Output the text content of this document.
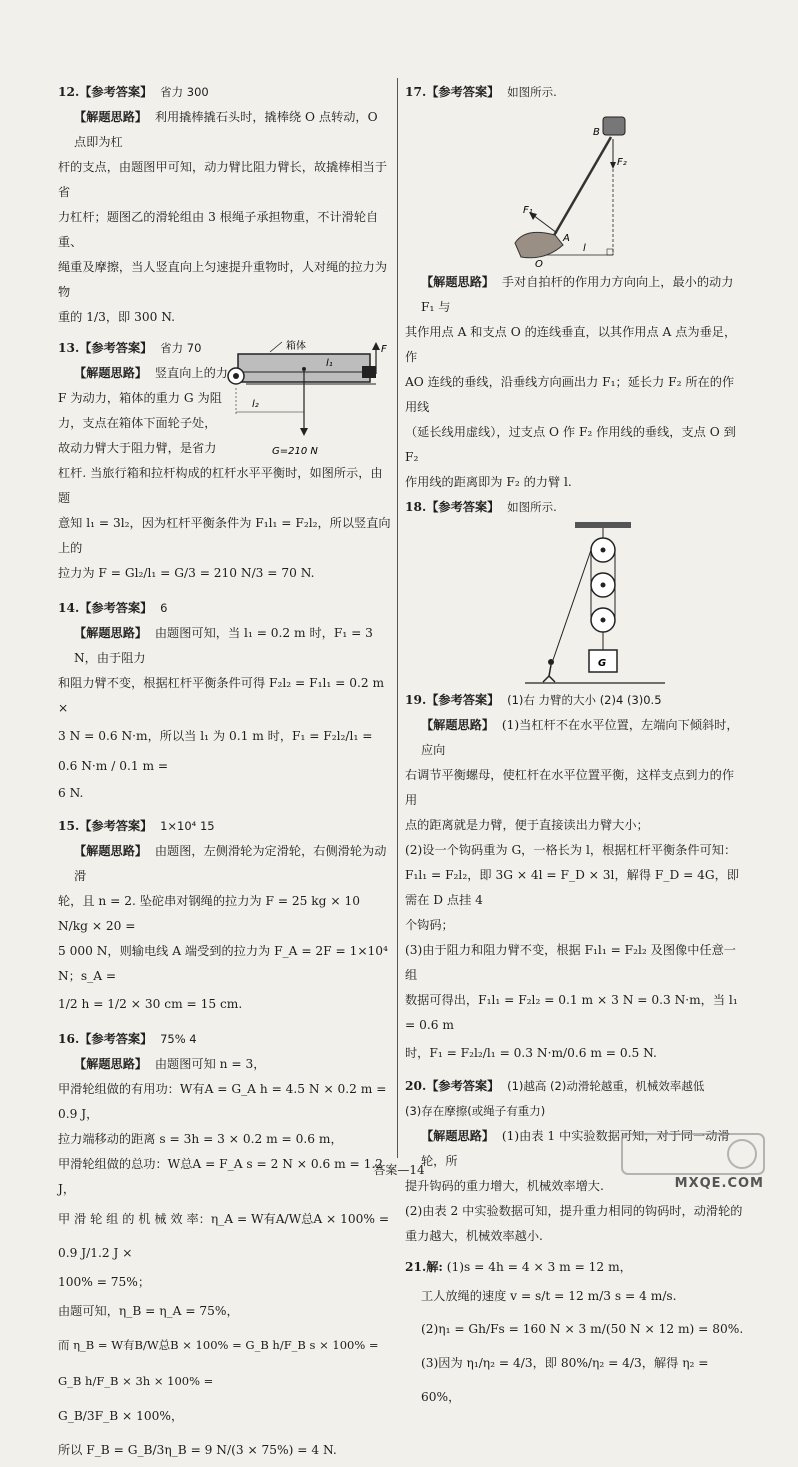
12.【参考答案】 省力 300

【解题思路】 利用撬棒撬石头时，撬棒绕 O 点转动，O 点即为杠

杆的支点，由题图甲可知，动力臂比阻力臂长，故撬棒相当于省

力杠杆；题图乙的滑轮组由 3 根绳子承担物重，不计滑轮自重、

绳重及摩擦，当人竖直向上匀速提升重物时，人对绳的拉力为物

重的 1/3，即 300 N.

13.【参考答案】 省力 70

【解题思路】 竖直向上的力

F 为动力，箱体的重力 G 为阻

力，支点在箱体下面轮子处，

故动力臂大于阻力臂，是省力

箱体	F
l₁
l₂
G=210 N

杠杆. 当旅行箱和拉杆构成的杠杆水平平衡时，如图所示，由题

意知 l₁ = 3l₂，因为杠杆平衡条件为 F₁l₁ = F₂l₂，所以竖直向上的

拉力为 F = Gl₂/l₁ = G/3 = 210 N/3 = 70 N.

14.【参考答案】 6

【解题思路】 由题图可知，当 l₁ = 0.2 m 时，F₁ = 3 N，由于阻力

和阻力臂不变，根据杠杆平衡条件可得 F₂l₂ = F₁l₁ = 0.2 m ×

3 N = 0.6 N·m，所以当 l₁ 为 0.1 m 时，F₁ = F₂l₂/l₁ = 0.6 N·m / 0.1 m =

6 N.

15.【参考答案】 1×10⁴ 15

【解题思路】 由题图，左侧滑轮为定滑轮，右侧滑轮为动滑

轮，且 n = 2. 坠砣串对钢绳的拉力为 F = 25 kg × 10 N/kg × 20 =

5 000 N，则输电线 A 端受到的拉力为 F_A = 2F = 1×10⁴ N；s_A =

1/2 h = 1/2 × 30 cm = 15 cm.

16.【参考答案】 75% 4

【解题思路】 由题图可知 n = 3，

甲滑轮组做的有用功：W有A = G_A h = 4.5 N × 0.2 m = 0.9 J，

拉力端移动的距离 s = 3h = 3 × 0.2 m = 0.6 m，

甲滑轮组做的总功：W总A = F_A s = 2 N × 0.6 m = 1.2 J，

甲 滑 轮 组 的 机 械 效 率：η_A = W有A/W总A × 100% = 0.9 J/1.2 J ×

100% = 75%；

由题可知，η_B = η_A = 75%，

而 η_B = W有B/W总B × 100% = G_B h/F_B s × 100% = G_B h/F_B × 3h × 100% =

G_B/3F_B × 100%，

所以 F_B = G_B/3η_B = 9 N/(3 × 75%) = 4 N.

17.【参考答案】 如图所示.

B
F₂
l
F₁
A
O

【解题思路】 手对自拍杆的作用力方向向上，最小的动力 F₁ 与

其作用点 A 和支点 O 的连线垂直，以其作用点 A 点为垂足，作

AO 连线的垂线，沿垂线方向画出力 F₁；延长力 F₂ 所在的作用线

（延长线用虚线），过支点 O 作 F₂ 作用线的垂线，支点 O 到 F₂

作用线的距离即为 F₂ 的力臂 l.

18.【参考答案】 如图所示.

G

19.【参考答案】 (1)右 力臂的大小 (2)4 (3)0.5

【解题思路】 (1)当杠杆不在水平位置，左端向下倾斜时，应向

右调节平衡螺母，使杠杆在水平位置平衡，这样支点到力的作用

点的距离就是力臂，便于直接读出力臂大小；

(2)设一个钩码重为 G，一格长为 l，根据杠杆平衡条件可知：

F₁l₁ = F₂l₂，即 3G × 4l = F_D × 3l，解得 F_D = 4G，即需在 D 点挂 4

个钩码；

(3)由于阻力和阻力臂不变，根据 F₁l₁ = F₂l₂ 及图像中任意一组

数据可得出，F₁l₁ = F₂l₂ = 0.1 m × 3 N = 0.3 N·m，当 l₁ = 0.6 m

时，F₁ = F₂l₂/l₁ = 0.3 N·m/0.6 m = 0.5 N.

20.【参考答案】 (1)越高 (2)动滑轮越重，机械效率越低

(3)存在摩擦(或绳子有重力)

【解题思路】 (1)由表 1 中实验数据可知，对于同一动滑轮，所

提升钩码的重力增大，机械效率增大.

(2)由表 2 中实验数据可知，提升重力相同的钩码时，动滑轮的

重力越大，机械效率越小.

21.解: (1)s = 4h = 4 × 3 m = 12 m，

工人放绳的速度 v = s/t = 12 m/3 s = 4 m/s.

(2)η₁ = Gh/Fs = 160 N × 3 m/(50 N × 12 m) = 80%.

(3)因为 η₁/η₂ = 4/3，即 80%/η₂ = 4/3，解得 η₂ = 60%，

答案—14
MXQE.COM
